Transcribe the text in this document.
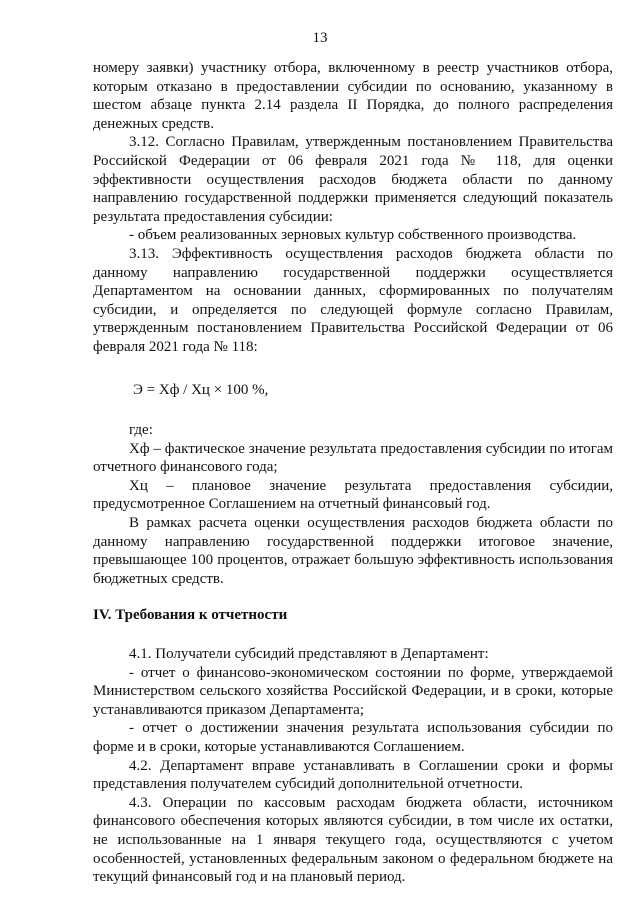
13

номеру заявки) участнику отбора, включенному в реестр участников отбора, которым отказано в предоставлении субсидии по основанию, указанному в шестом абзаце пункта 2.14 раздела II Порядка, до полного распределения денежных средств.

3.12. Согласно Правилам, утвержденным постановлением Правительства Российской Федерации от 06 февраля 2021 года № 118, для оценки эффективности осуществления расходов бюджета области по данному направлению государственной поддержки применяется следующий показатель результата предоставления субсидии:

- объем реализованных зерновых культур собственного производства.

3.13. Эффективность осуществления расходов бюджета области по данному направлению государственной поддержки осуществляется Департаментом на основании данных, сформированных по получателям субсидии, и определяется по следующей формуле согласно Правилам, утвержденным постановлением Правительства Российской Федерации от 06 февраля 2021 года № 118:

Э = Хф / Хц × 100 %,

где:

Хф – фактическое значение результата предоставления субсидии по итогам отчетного финансового года;

Хц – плановое значение результата предоставления субсидии, предусмотренное Соглашением на отчетный финансовый год.

В рамках расчета оценки осуществления расходов бюджета области по данному направлению государственной поддержки итоговое значение, превышающее 100 процентов, отражает большую эффективность использования бюджетных средств.

IV. Требования к отчетности

4.1. Получатели субсидий представляют в Департамент:

- отчет о финансово-экономическом состоянии по форме, утверждаемой Министерством сельского хозяйства Российской Федерации, и в сроки, которые устанавливаются приказом Департамента;

- отчет о достижении значения результата использования субсидии по форме и в сроки, которые устанавливаются Соглашением.

4.2. Департамент вправе устанавливать в Соглашении сроки и формы представления получателем субсидий дополнительной отчетности.

4.3. Операции по кассовым расходам бюджета области, источником финансового обеспечения которых являются субсидии, в том числе их остатки, не использованные на 1 января текущего года, осуществляются с учетом особенностей, установленных федеральным законом о федеральном бюджете на текущий финансовый год и на плановый период.
